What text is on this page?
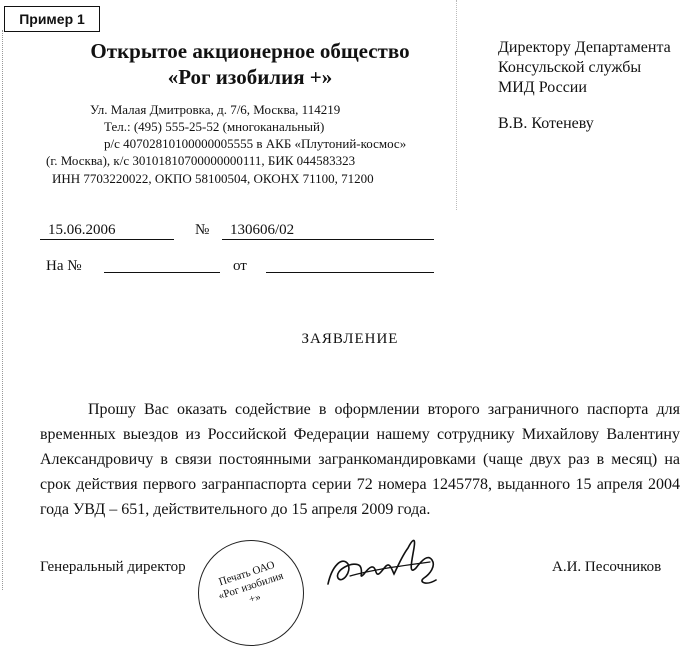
Пример 1
Открытое акционерное общество
«Рог изобилия +»
Ул. Малая Дмитровка, д. 7/6, Москва, 114219
Тел.: (495) 555-25-52 (многоканальный)
р/с 40702810100000005555 в АКБ «Плутоний-космос»
(г. Москва), к/с 30101810700000000111, БИК 044583323
ИНН 7703220022, ОКПО 58100504, ОКОНХ 71100, 71200
Директору Департамента
Консульской службы
МИД России
В.В. Котеневу
15.06.2006	№	130606/02
На №	от
ЗАЯВЛЕНИЕ

Прошу Вас оказать содействие в оформлении второго заграничного паспорта для временных выездов из Российской Федерации нашему сотруднику Михайлову Валентину Александровичу в связи постоянными загранкомандировками (чаще двух раз в месяц) на срок действия первого загранпаспорта серии 72 номера 1245778, выданного 15 апреля 2004 года УВД – 651, действительного до 15 апреля 2009 года.

Генеральный директор	Печать ОАО «Рог изобилия +»
А.И. Песочников
